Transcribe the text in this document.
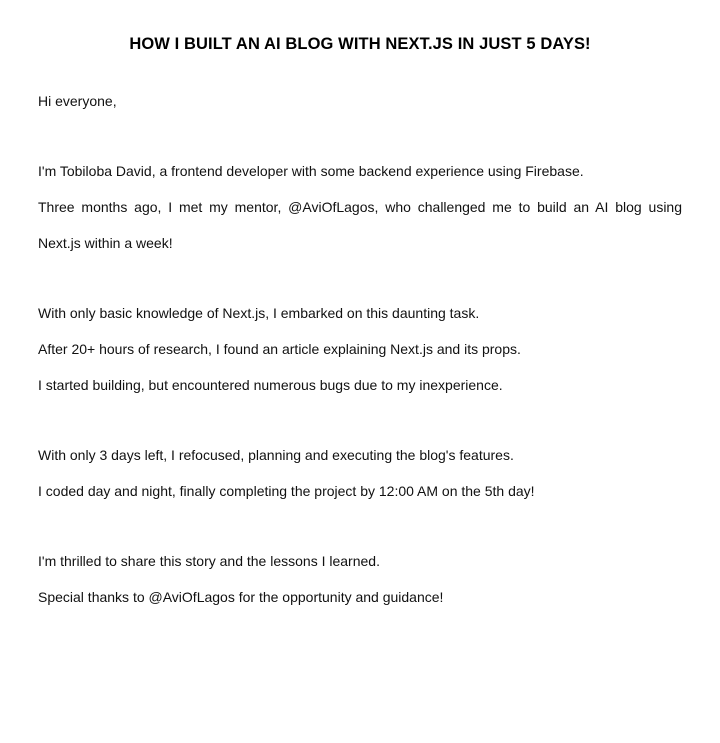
HOW I BUILT AN AI BLOG WITH NEXT.JS IN JUST 5 DAYS!

Hi everyone,

I'm Tobiloba David, a frontend developer with some backend experience using Firebase.

Three months ago, I met my mentor, @AviOfLagos, who challenged me to build an AI blog using

Next.js within a week!

With only basic knowledge of Next.js, I embarked on this daunting task.

After 20+ hours of research, I found an article explaining Next.js and its props.

I started building, but encountered numerous bugs due to my inexperience.

With only 3 days left, I refocused, planning and executing the blog's features.

I coded day and night, finally completing the project by 12:00 AM on the 5th day!

I'm thrilled to share this story and the lessons I learned.

Special thanks to @AviOfLagos for the opportunity and guidance!
